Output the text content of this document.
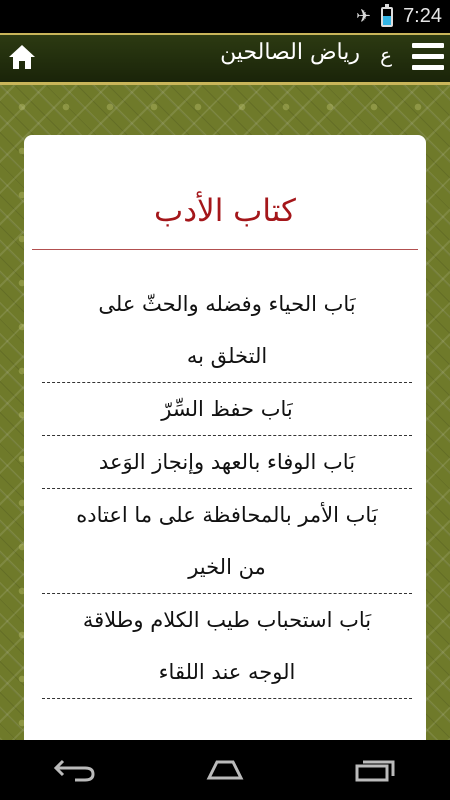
✈ 7:24
رياض الصالحين ع
كتاب الأدب
بَاب الحياء وفضله والحثّ على التخلق به
بَاب حفظ السِّرّ
بَاب الوفاء بالعهد وإنجاز الوَعد
بَاب الأمر بالمحافظة على ما اعتاده من الخير
بَاب استحباب طيب الكلام وطلاقة الوجه عند اللقاء
